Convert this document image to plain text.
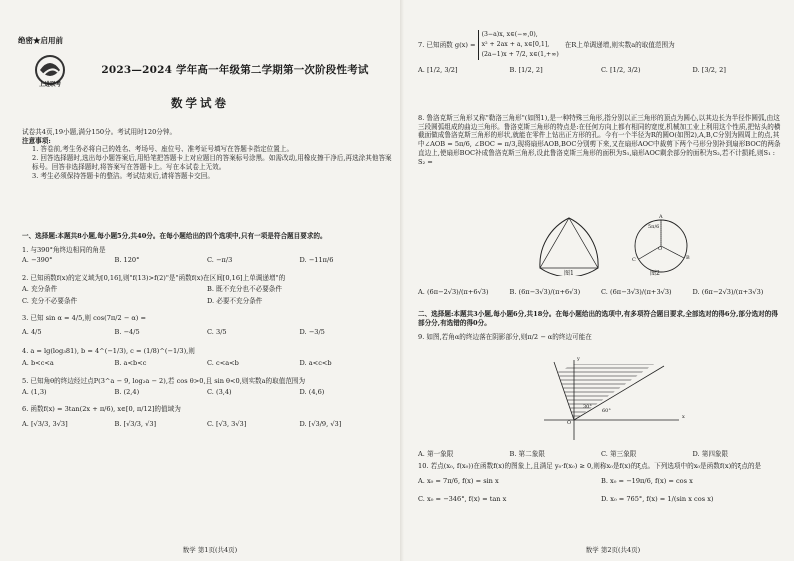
绝密★启用前
上进联考
2023—2024 学年高一年级第二学期第一次阶段性考试
数学试卷
试卷共4页,19小题,满分150分。考试用时120分钟。
注意事项:
1. 答卷前,考生务必将自己的姓名、考场号、座位号、准考证号填写在答题卡指定位置上。
2. 回答选择题时,选出每小题答案后,用铅笔把答题卡上对应题目的答案标号涂黑。如需改动,用橡皮擦干净后,再选涂其他答案标号。回答非选择题时,将答案写在答题卡上。写在本试卷上无效。
3. 考生必须保持答题卡的整洁。考试结束后,请将答题卡交回。
一、选择题:本题共8小题,每小题5分,共40分。在每小题给出的四个选项中,只有一项是符合题目要求的。
1. 与390°角终边相同的角是
A. −390°	B. 120°	C. −π/3	D. −11π/6
2. 已知函数f(x)的定义域为[0,16],则"f(13)>f(2)"是"函数f(x)在区间[0,16]上单调递增"的
A. 充分条件	B. 既不充分也不必要条件
C. 充分不必要条件	D. 必要不充分条件
3. 已知 sin α = 4/5,则 cos(7π/2 − α) =
A. 4/5	B. −4/5	C. 3/5	D. −3/5
4. a = lg(log₃81), b = 4^(−1/3), c = (1/8)^(−1/3),则
A. b<c<a	B. a<b<c	C. c<a<b	D. a<c<b
5. 已知角θ的终边经过点P(3^a − 9, log₂a − 2),若 cos θ>0,且 sin θ<0,则实数a的取值范围为
A. (1,3)	B. (2,4)	C. (3,4)	D. (4,6)
6. 函数f(x) = 3tan(2x + π/6), x∈[0, π/12]的值域为
A. [√3/3, 3√3]	B. [√3/3, √3]	C. [√3, 3√3]	D. [√3/9, √3]
数学 第1页(共4页)
7. 已知函数 g(x) =
(3−a)x, x∈(−∞,0),
x² + 2ax + a, x∈[0,1],
(2a−1)x + 7/2, x∈(1,+∞)
在R上单调递增,则实数a的取值范围为
A. [1/2, 3/2]	B. [1/2, 2]	C. [1/2, 3/2)	D. [3/2, 2]
8. 鲁洛克斯三角形又称"勒洛三角形"(如图1),是一种特殊三角形,指分别以正三角形的顶点为圆心,以其边长为半径作圆弧,由这三段圆弧组成的曲边三角形。鲁洛克斯三角形的特点是:在任何方向上都有相同的宽度,机械加工业上利用这个性质,把钻头的横截面做成鲁洛克斯三角形的形状,就能在零件上钻出正方形的孔。今有一个半径为R的圆O(如图2),A,B,C分别为圆周上的点,其中∠AOB = 5π/6, ∠BOC = π/3,现将扇形AOB,BOC分别剪下来,又在扇形AOC中裁剪下两个弓形分别补到扇形BOC的两条直边上,使扇形BOC补成鲁洛克斯三角形,设此鲁洛克斯三角形的面积为S₁,扇形AOC剩余部分的面积为S₂,若不计损耗,则S₁ : S₂ =
图1
5π/6
A
B
C
O
图2
A. (6π−2√3)/(π+6√3)	B. (6π−3√3)/(π+6√3)	C. (6π−3√3)/(π+3√3)	D. (6π−2√3)/(π+3√3)
二、选择题:本题共3小题,每小题6分,共18分。在每小题给出的选项中,有多项符合题目要求,全部选对的得6分,部分选对的得部分分,有选错的得0分。
9. 如图,若角α的终边落在阴影部分,则π/2 − α的终边可能在
30°
60°
x
y
O
A. 第一象限	B. 第二象限	C. 第三象限	D. 第四象限
10. 若点(x₀, f(x₀))在函数f(x)的图象上,且满足 y₀·f(x₀) ≥ 0,则称x₀是f(x)的ξ点。下列选项中的x₀是函数f(x)的ξ点的是
A. x₀ = 7π/6, f(x) = sin x	B. x₀ = −19π/6, f(x) = cos x
C. x₀ = −346°, f(x) = tan x	D. x₀ = 765°, f(x) = 1/(sin x cos x)
数学 第2页(共4页)
